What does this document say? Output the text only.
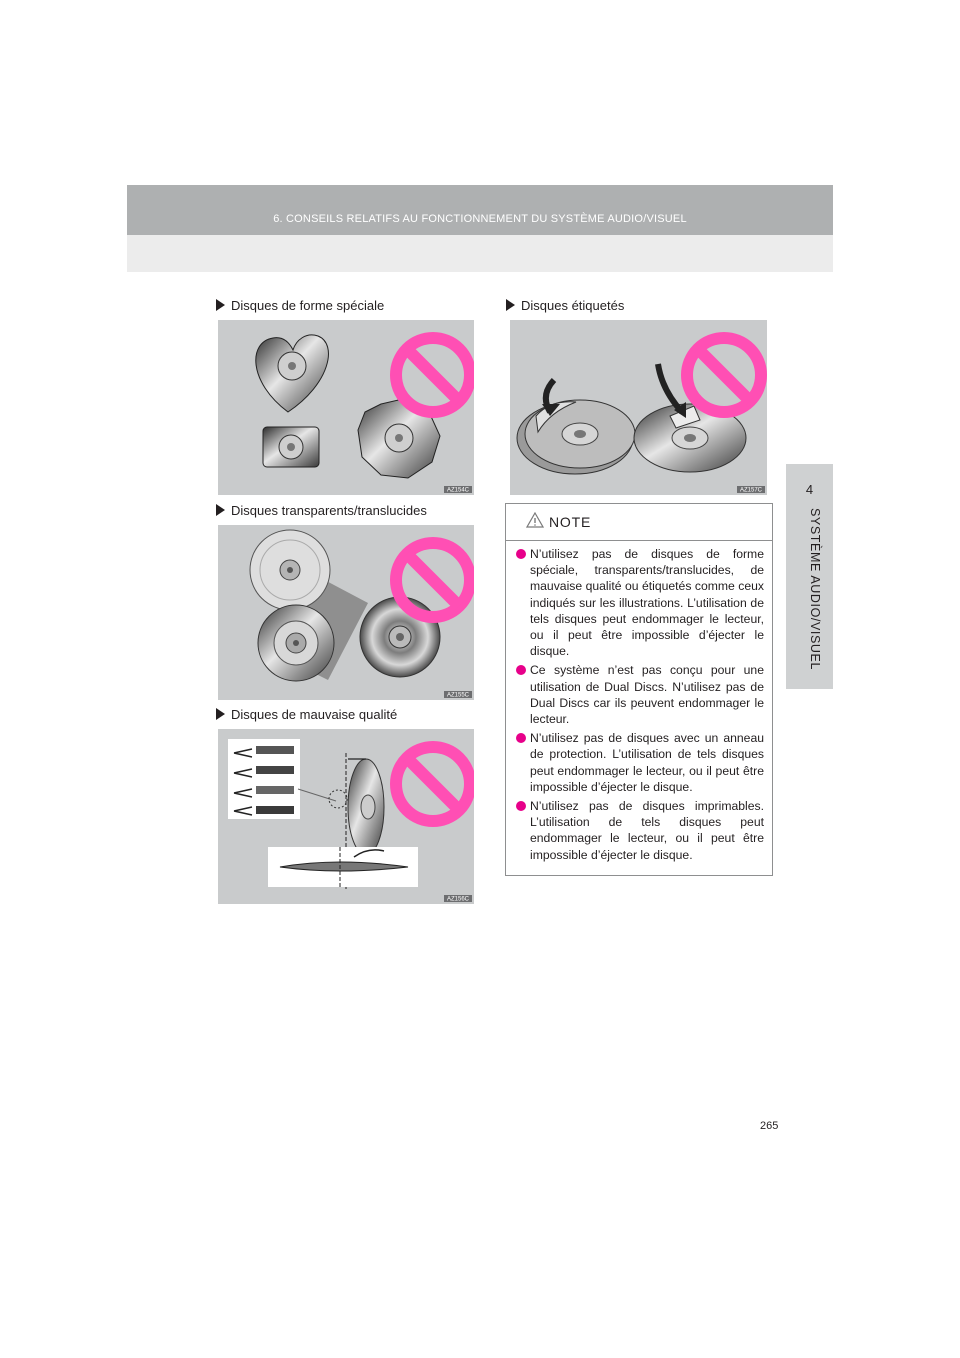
6. CONSEILS RELATIFS AU FONCTIONNEMENT DU SYSTÈME AUDIO/VISUEL
4
SYSTÈME AUDIO/VISUEL
Disques de forme spéciale
AZ154C
Disques transparents/translucides
AZ155C
Disques de mauvaise qualité
AZ156C
Disques étiquetés
AZ157C
NOTE
N’utilisez pas de disques de forme spéciale, transparents/translucides, de mauvaise qualité ou étiquetés comme ceux indiqués sur les illustrations. L’utilisation de tels disques peut endommager le lecteur, ou il peut être impossible d’éjecter le disque.
Ce système n’est pas conçu pour une utilisation de Dual Discs. N’utilisez pas de Dual Discs car ils peuvent endommager le lecteur.
N’utilisez pas de disques avec un anneau de protection. L’utilisation de tels disques peut endommager le lecteur, ou il peut être impossible d’éjecter le disque.
N’utilisez pas de disques imprimables. L’utilisation de tels disques peut endommager le lecteur, ou il peut être impossible d’éjecter le disque.
265
